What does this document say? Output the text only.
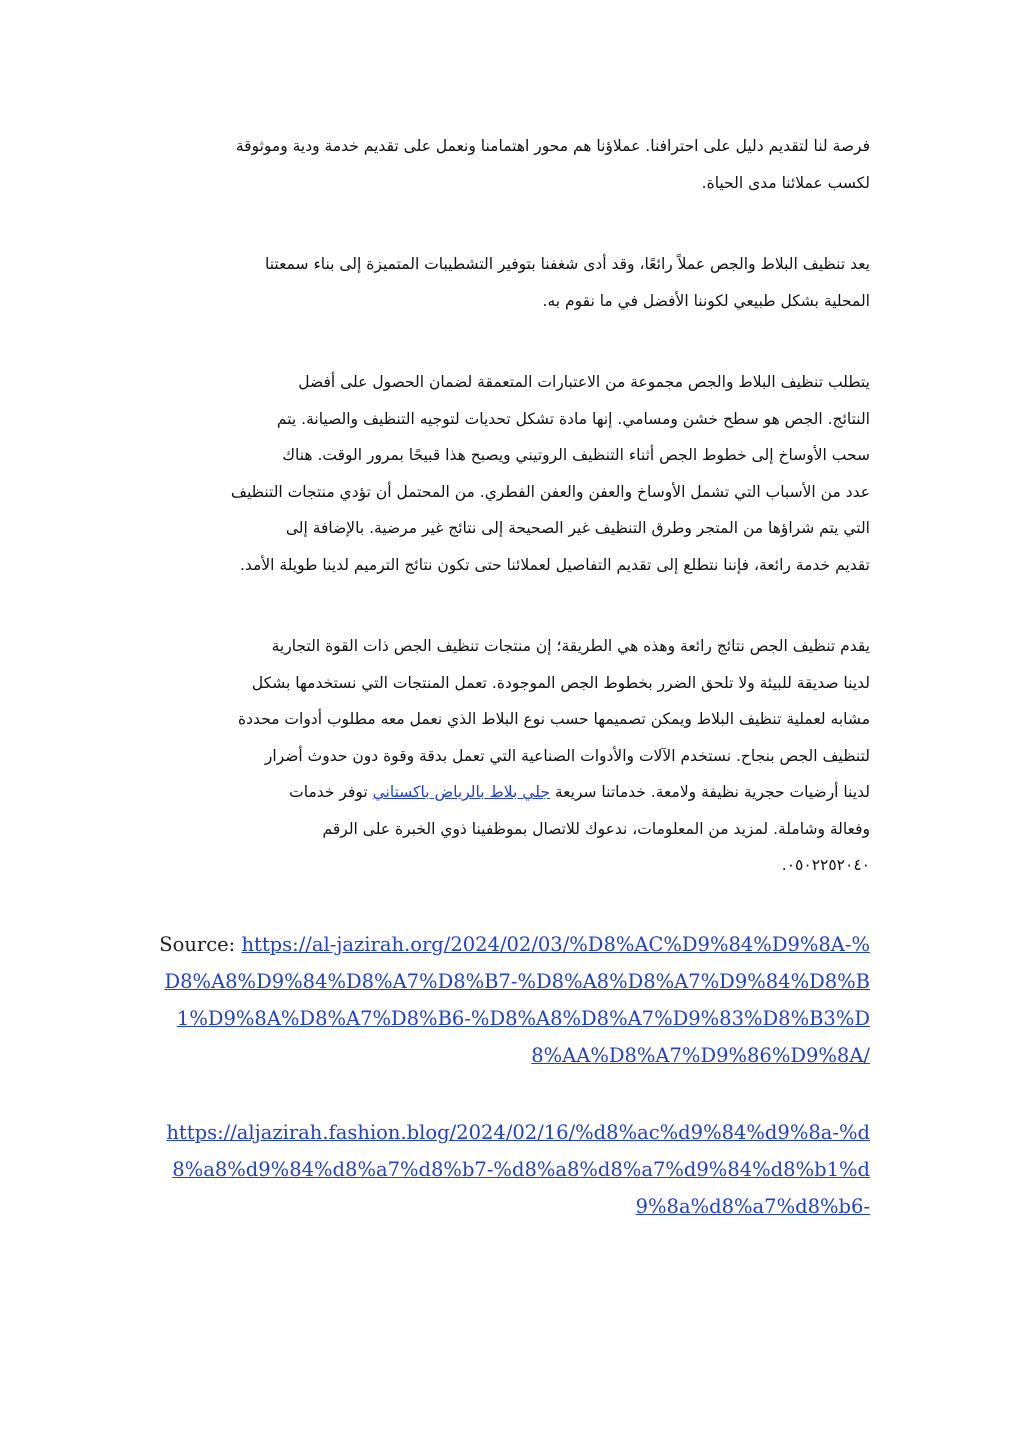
فرصة لنا لتقديم دليل على احترافنا. عملاؤنا هم محور اهتمامنا ونعمل على تقديم خدمة ودية وموثوقة
لكسب عملائنا مدى الحياة.

يعد تنظيف البلاط والجص عملاً رائعًا، وقد أدى شغفنا بتوفير التشطيبات المتميزة إلى بناء سمعتنا
المحلية بشكل طبيعي لكوننا الأفضل في ما نقوم به.

يتطلب تنظيف البلاط والجص مجموعة من الاعتبارات المتعمقة لضمان الحصول على أفضل
النتائج. الجص هو سطح خشن ومسامي. إنها مادة تشكل تحديات لتوجيه التنظيف والصيانة. يتم
سحب الأوساخ إلى خطوط الجص أثناء التنظيف الروتيني ويصبح هذا قبيحًا بمرور الوقت. هناك
عدد من الأسباب التي تشمل الأوساخ والعفن والعفن الفطري. من المحتمل أن تؤدي منتجات التنظيف
التي يتم شراؤها من المتجر وطرق التنظيف غير الصحيحة إلى نتائج غير مرضية. بالإضافة إلى
تقديم خدمة رائعة، فإننا نتطلع إلى تقديم التفاصيل لعملائنا حتى تكون نتائج الترميم لدينا طويلة الأمد.

يقدم تنظيف الجص نتائج رائعة وهذه هي الطريقة؛ إن منتجات تنظيف الجص ذات القوة التجارية
لدينا صديقة للبيئة ولا تلحق الضرر بخطوط الجص الموجودة. تعمل المنتجات التي نستخدمها بشكل
مشابه لعملية تنظيف البلاط ويمكن تصميمها حسب نوع البلاط الذي نعمل معه مطلوب أدوات محددة
لتنظيف الجص بنجاح. نستخدم الآلات والأدوات الصناعية التي تعمل بدقة وقوة دون حدوث أضرار
لدينا أرضيات حجرية نظيفة ولامعة. خدماتنا سريعة جلي بلاط بالرياض باكستاني توفر خدمات
وفعالة وشاملة. لمزيد من المعلومات، ندعوك للاتصال بموظفينا ذوي الخبرة على الرقم
٠٥٠٢٢٥٢٠٤٠.

Source: https://al-jazirah.org/2024/02/03/%D8%AC%D9%84%D9%8A-%D8%A8%D9%84%D8%A7%D8%B7-%D8%A8%D8%A7%D9%84%D8%B1%D9%8A%D8%A7%D8%B6-%D8%A8%D8%A7%D9%83%D8%B3%D8%AA%D8%A7%D9%86%D9%8A/

https://aljazirah.fashion.blog/2024/02/16/%d8%ac%d9%84%d9%8a-%d8%a8%d9%84%d8%a7%d8%b7-%d8%a8%d8%a7%d9%84%d8%b1%d9%8a%d8%a7%d8%b6-
